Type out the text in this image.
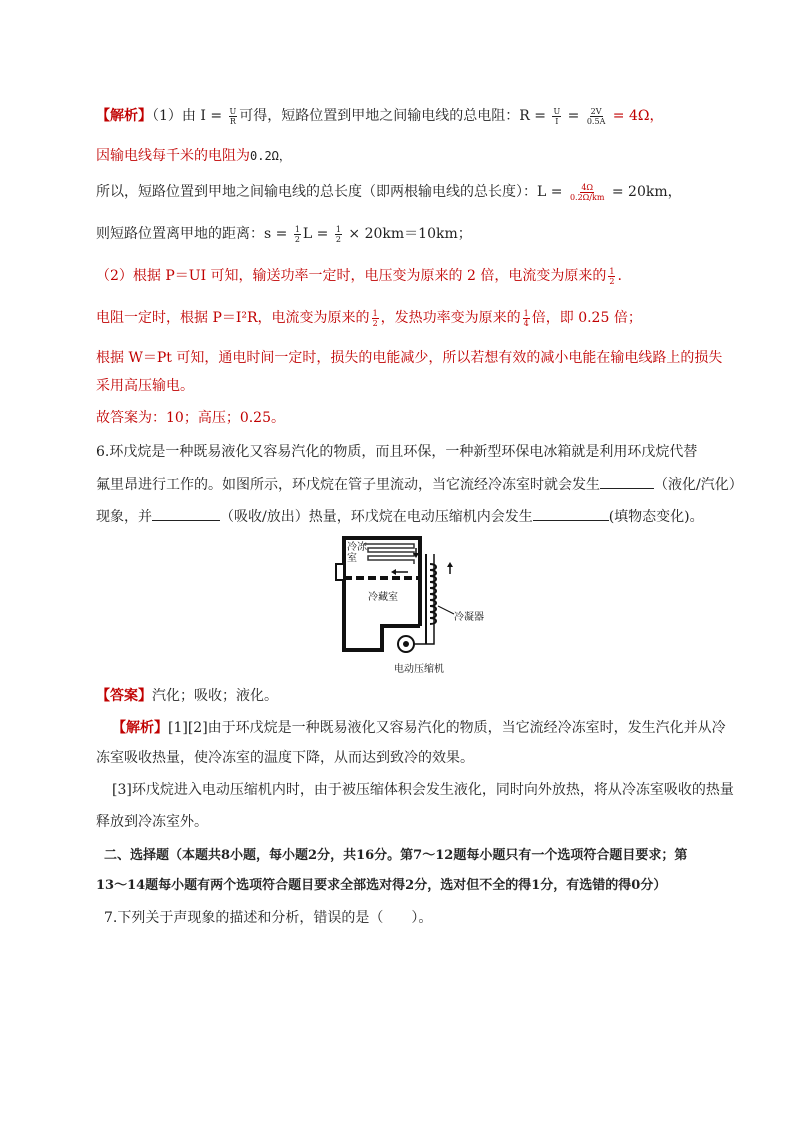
【解析】（1）由 $I = \frac{U}{R}$ 可得，短路位置到甲地之间输电线的总电阻：$R = \frac{U}{I} = \frac{2V}{0.5A} = 4\Omega$，
因输电线每千米的电阻为0.2Ω，
所以，短路位置到甲地之间输电线的总长度（即两根输电线的总长度）：$L = \frac{4\Omega}{0.2\Omega/km} = 20km$，
则短路位置离甲地的距离：$s = \frac{1}{2}$ $L = \frac{1}{2} \times 20km=10km$；
（2）根据 P＝UI 可知，输送功率一定时，电压变为原来的 2 倍，电流变为原来的 $\frac{1}{2}$ .
电阻一定时，根据 P＝I²R，电流变为原来的 $\frac{1}{2}$ ，发热功率变为原来的 $\frac{1}{4}$ 倍，即 0.25 倍；
根据 W＝Pt 可知，通电时间一定时，损失的电能减少，所以若想有效的减小电能在输电线路上的损失
采用高压输电。
故答案为：10；高压；0.25。
6.环戊烷是一种既易液化又容易汽化的物质，而且环保，一种新型环保电冰箱就是利用环戊烷代替
氟里昂进行工作的。如图所示，环戊烷在管子里流动，当它流经冷冻室时就会发生	（液化/汽化）
现象，并	（吸收/放出）热量，环戊烷在电动压缩机内会发生	(填物态变化)。
冷冻室
冷藏室
冷凝器
电动压缩机
【答案】汽化；吸收；液化。
【解析】[1][2]由于环戊烷是一种既易液化又容易汽化的物质，当它流经冷冻室时，发生汽化并从冷
冻室吸收热量，使冷冻室的温度下降，从而达到致冷的效果。
[3]环戊烷进入电动压缩机内时，由于被压缩体积会发生液化，同时向外放热，将从冷冻室吸收的热量
释放到冷冻室外。
二、选择题（本题共8小题，每小题2分，共16分。第7～12题每小题只有一个选项符合题目要求；第
13～14题每小题有两个选项符合题目要求全部选对得2分，选对但不全的得1分，有选错的得0分）
7.下列关于声现象的描述和分析，错误的是（　　）。
